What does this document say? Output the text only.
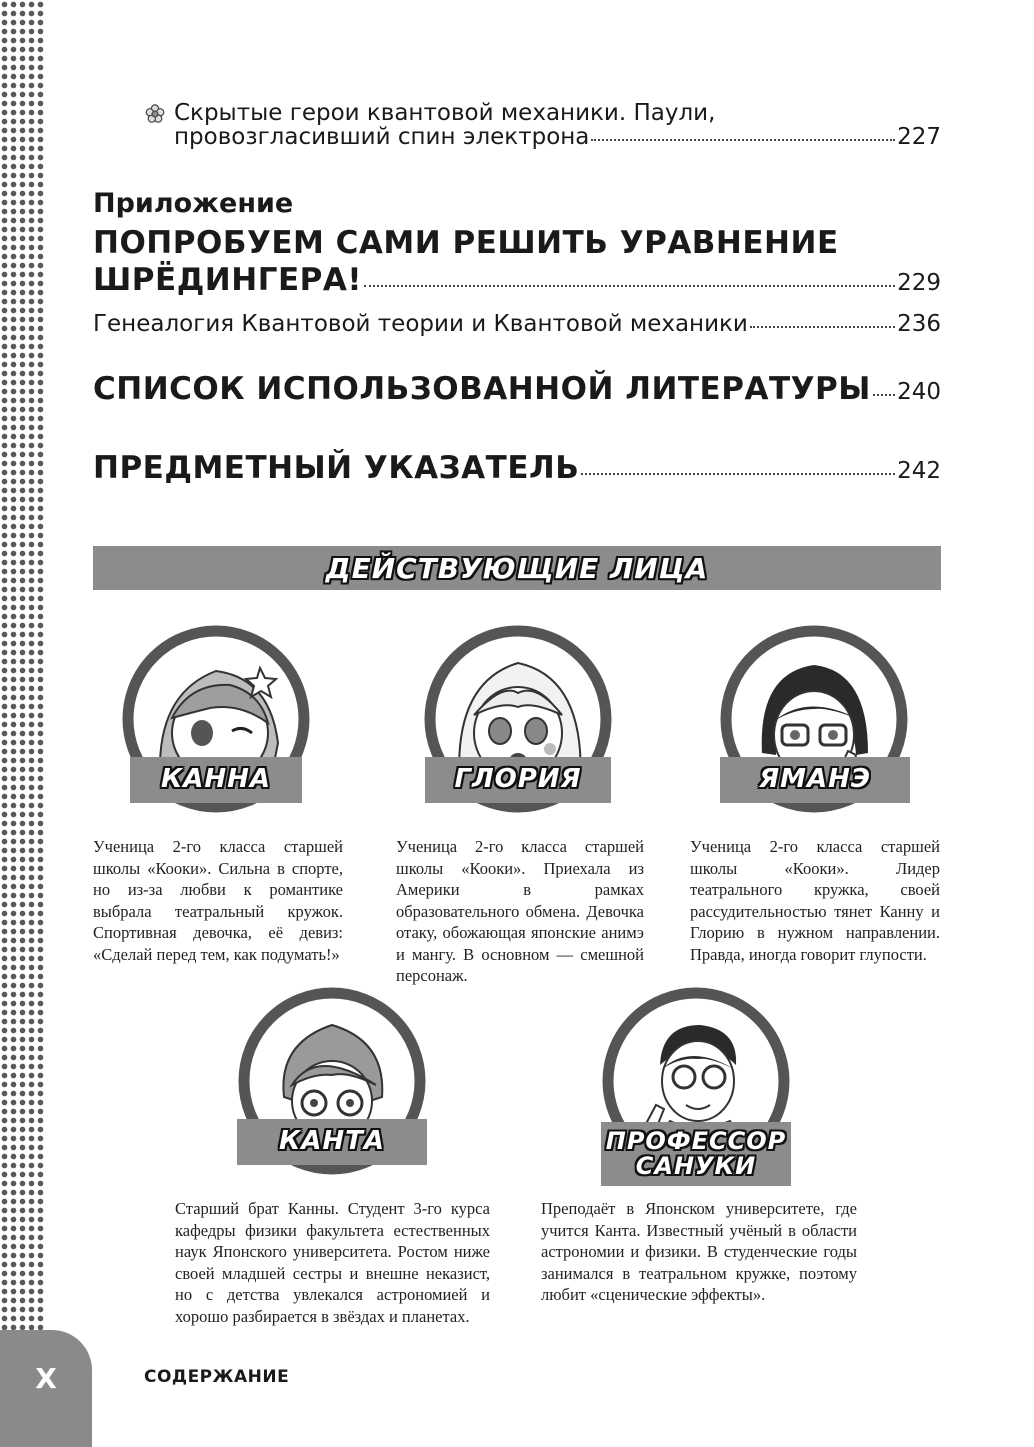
Скрытые герои квантовой механики. Паули,
провозгласивший спин электрона	227
Приложение
ПОПРОБУЕМ САМИ РЕШИТЬ УРАВНЕНИЕ
ШРЁДИНГЕРА!	229
Генеалогия Квантовой теории и Квантовой механики	236
СПИСОК ИСПОЛЬЗОВАННОЙ ЛИТЕРАТУРЫ 240
ПРЕДМЕТНЫЙ УКАЗАТЕЛЬ	242
ДЕЙСТВУЮЩИЕ ЛИЦА
КАННА	ГЛОРИЯ	ЯМАНЭ
Ученица 2-го класса старшей школы «Кооки». Сильна в спорте, но из-за любви к романтике выбрала театральный кружок. Спортивная девочка, её девиз: «Сделай перед тем, как подумать!»
Ученица 2-го класса старшей школы «Кооки». Приехала из Америки в рамках образовательного обмена. Девочка отаку, обожающая японские анимэ и мангу. В основном — смешной персонаж.
Ученица 2-го класса старшей школы «Кооки». Лидер театрального кружка, своей рассудительностью тянет Канну и Глорию в нужном направлении. Правда, иногда говорит глупости.
КАНТА	ПРОФЕССОР
САНУКИ
Старший брат Канны. Студент 3-го курса кафедры физики факультета естественных наук Японского университета. Ростом ниже своей младшей сестры и внешне неказист, но с детства увлекался астрономией и хорошо разбирается в звёздах и планетах.
Преподаёт в Японском университете, где учится Канта. Известный учёный в области астрономии и физики. В студенческие годы занимался в театральном кружке, поэтому любит «сценические эффекты».
X	СОДЕРЖАНИЕ
